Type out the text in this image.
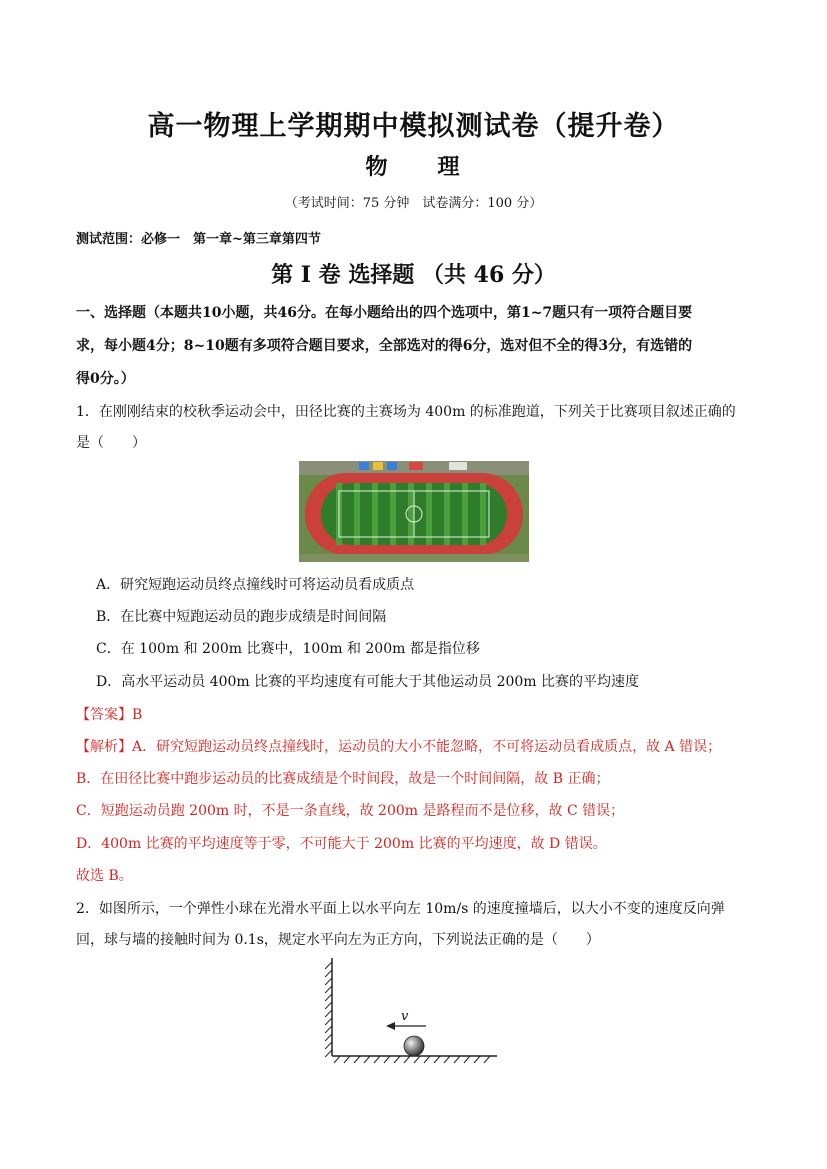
高一物理上学期期中模拟测试卷（提升卷）
物　　理
（考试时间：75 分钟　试卷满分：100 分）
测试范围：必修一　第一章~第三章第四节
第 I 卷 选择题 （共 46 分）
一、选择题（本题共10小题，共46分。在每小题给出的四个选项中，第1~7题只有一项符合题目要
求，每小题4分；8~10题有多项符合题目要求，全部选对的得6分，选对但不全的得3分，有选错的
得0分。）
1．在刚刚结束的校秋季运动会中，田径比赛的主赛场为 400m 的标准跑道，下列关于比赛项目叙述正确的
是（　　）
A．研究短跑运动员终点撞线时可将运动员看成质点
B．在比赛中短跑运动员的跑步成绩是时间间隔
C．在 100m 和 200m 比赛中，100m 和 200m 都是指位移
D．高水平运动员 400m 比赛的平均速度有可能大于其他运动员 200m 比赛的平均速度
【答案】B
【解析】A．研究短跑运动员终点撞线时，运动员的大小不能忽略，不可将运动员看成质点，故 A 错误；
B．在田径比赛中跑步运动员的比赛成绩是个时间段，故是一个时间间隔，故 B 正确；
C．短跑运动员跑 200m 时，不是一条直线，故 200m 是路程而不是位移，故 C 错误；
D．400m 比赛的平均速度等于零，不可能大于 200m 比赛的平均速度，故 D 错误。
故选 B。
2．如图所示，一个弹性小球在光滑水平面上以水平向左 10m/s 的速度撞墙后，以大小不变的速度反向弹
回，球与墙的接触时间为 0.1s，规定水平向左为正方向，下列说法正确的是（　　）
v
